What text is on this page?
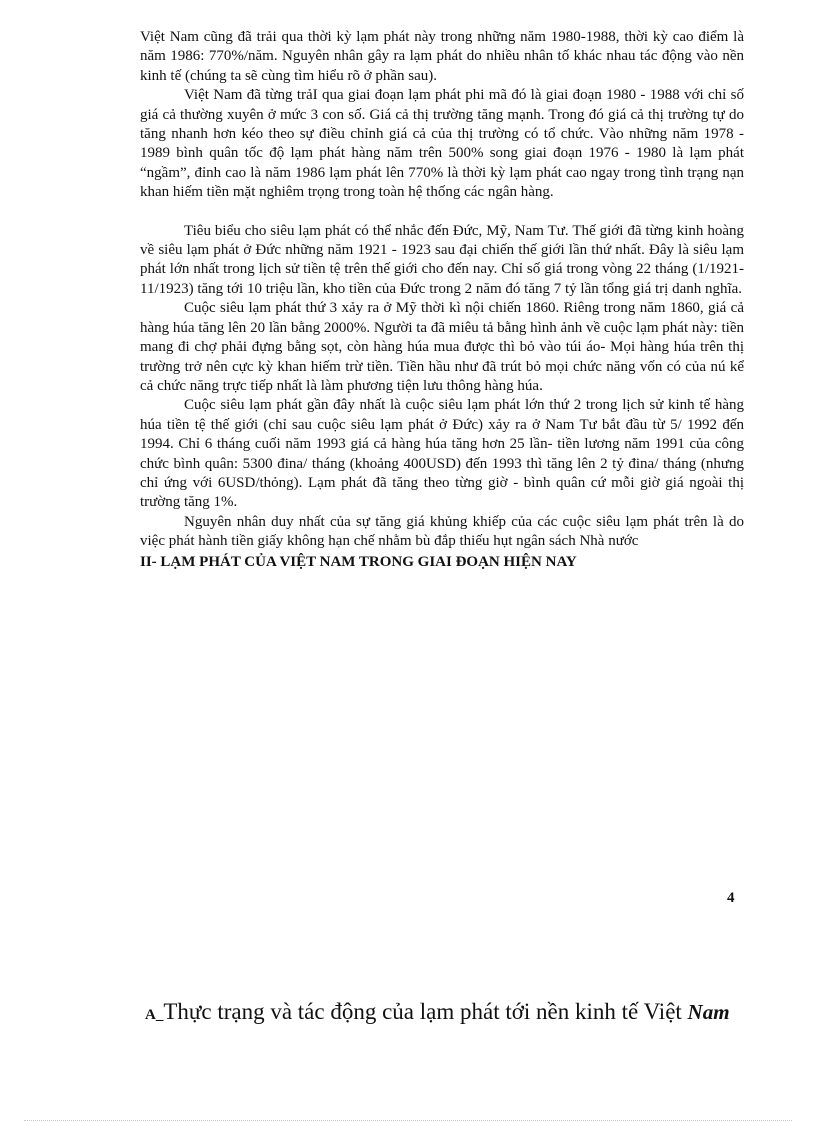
Việt Nam cũng đã trải qua thời kỳ lạm phát này trong những năm 1980-1988, thời kỳ cao điểm là năm 1986: 770%/năm. Nguyên nhân gây ra lạm phát do nhiều nhân tố khác nhau tác động vào nền kinh tế (chúng ta sẽ cùng tìm hiểu rõ ở phần sau).

Việt Nam đã từng trảI qua giai đoạn lạm phát phi mã đó là giai đoạn 1980 - 1988 với chỉ số giá cả thường xuyên ở mức 3 con số. Giá cả thị trường tăng mạnh. Trong đó giá cả thị trường tự do tăng nhanh hơn kéo theo sự điều chỉnh giá cả của thị trường có tổ chức. Vào những năm 1978 - 1989 bình quân tốc độ lạm phát hàng năm trên 500% song giai đoạn 1976 - 1980 là lạm phát “ngầm”, đỉnh cao là năm 1986 lạm phát lên 770% là thời kỳ lạm phát cao ngay trong tình trạng nạn khan hiếm tiền mặt nghiêm trọng trong toàn hệ thống các ngân hàng.

Tiêu biểu cho siêu lạm phát có thể nhắc đến Đức, Mỹ, Nam Tư. Thế giới đã từng kinh hoàng về siêu lạm phát ở Đức những năm 1921 - 1923 sau đại chiến thế giới lần thứ nhất. Đây là siêu lạm phát lớn nhất trong lịch sử tiền tệ trên thế giới cho đến nay. Chỉ số giá trong vòng 22 tháng (1/1921-11/1923) tăng tới 10 triệu lần, kho tiền của Đức trong 2 năm đó tăng 7 tỷ lần tổng giá trị danh nghĩa.

Cuộc siêu lạm phát thứ 3 xảy ra ở Mỹ thời kì nội chiến 1860. Riêng trong năm 1860, giá cả hàng húa tăng lên 20 lần bằng 2000%. Người ta đã miêu tả bằng hình ảnh về cuộc lạm phát này: tiền mang đi chợ phải đựng bằng sọt, còn hàng húa mua được thì bỏ vào túi áo- Mọi hàng húa trên thị trường trở nên cực kỳ khan hiếm trừ tiền. Tiền hầu như đã trút bỏ mọi chức năng vốn có của nú kể cả chức năng trực tiếp nhất là làm phương tiện lưu thông hàng húa.

Cuộc siêu lạm phát gần đây nhất là cuộc siêu lạm phát lớn thứ 2 trong lịch sử kinh tế hàng húa tiền tệ thế giới (chỉ sau cuộc siêu lạm phát ở Đức) xảy ra ở Nam Tư bắt đầu từ 5/ 1992 đến 1994. Chỉ 6 tháng cuối năm 1993 giá cả hàng húa tăng hơn 25 lần- tiền lương năm 1991 của công chức bình quân: 5300 đina/ tháng (khoảng 400USD) đến 1993 thì tăng lên 2 tỷ đina/ tháng (nhưng chỉ ứng với 6USD/thỏng). Lạm phát đã tăng theo từng giờ - bình quân cứ mỗi giờ giá ngoài thị trường tăng 1%.

Nguyên nhân duy nhất của sự tăng giá khủng khiếp của các cuộc siêu lạm phát trên là do việc phát hành tiền giấy không hạn chế nhằm bù đắp thiếu hụt ngân sách Nhà nước

II- LẠM PHÁT CỦA VIỆT NAM TRONG GIAI ĐOẠN HIỆN NAY

4
A_Thực trạng và tác động của lạm phát tới nền kinh tế Việt Nam
